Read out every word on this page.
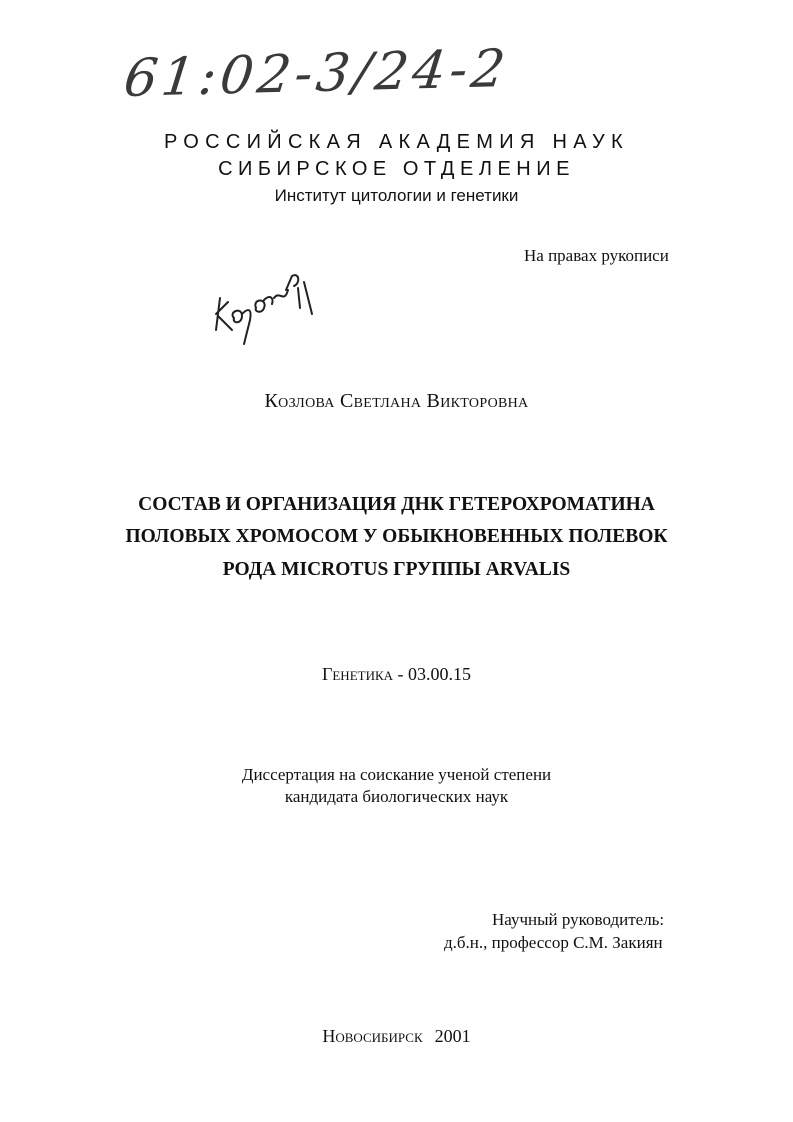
61:02-3/24-2
РОССИЙСКАЯ АКАДЕМИЯ НАУК
СИБИРСКОЕ ОТДЕЛЕНИЕ
Институт цитологии и генетики
На правах рукописи
Козлова Светлана Викторовна
СОСТАВ И ОРГАНИЗАЦИЯ ДНК ГЕТЕРОХРОМАТИНА
ПОЛОВЫХ ХРОМОСОМ У ОБЫКНОВЕННЫХ ПОЛЕВОК
РОДА MICROTUS ГРУППЫ ARVALIS
Генетика - 03.00.15
Диссертация на соискание ученой степени
кандидата биологических наук
Научный руководитель:
д.б.н., профессор С.М. Закиян
Новосибирск 2001
